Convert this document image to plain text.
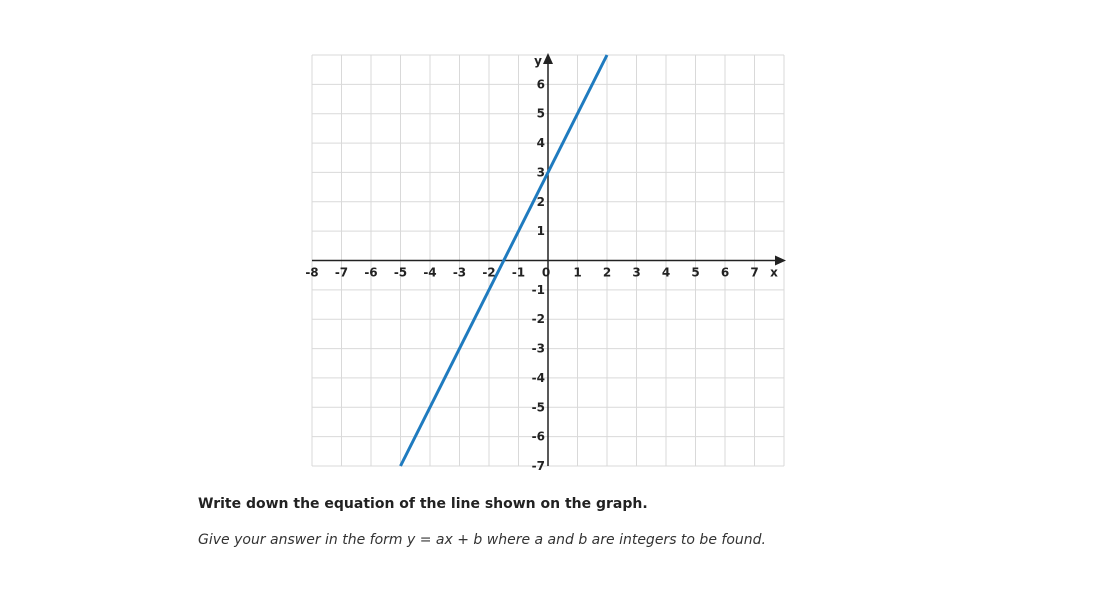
-8 -7 -6 -5 -4 -3 -2 -1 0 1 2 3 4 5 6 7
-7
-6
-5
-4
-3
-2
-1
1
2
3
4
5
6
x
y

Write down the equation of the line shown on the graph.

Give your answer in the form y = ax + b where a and b are integers to be found.
